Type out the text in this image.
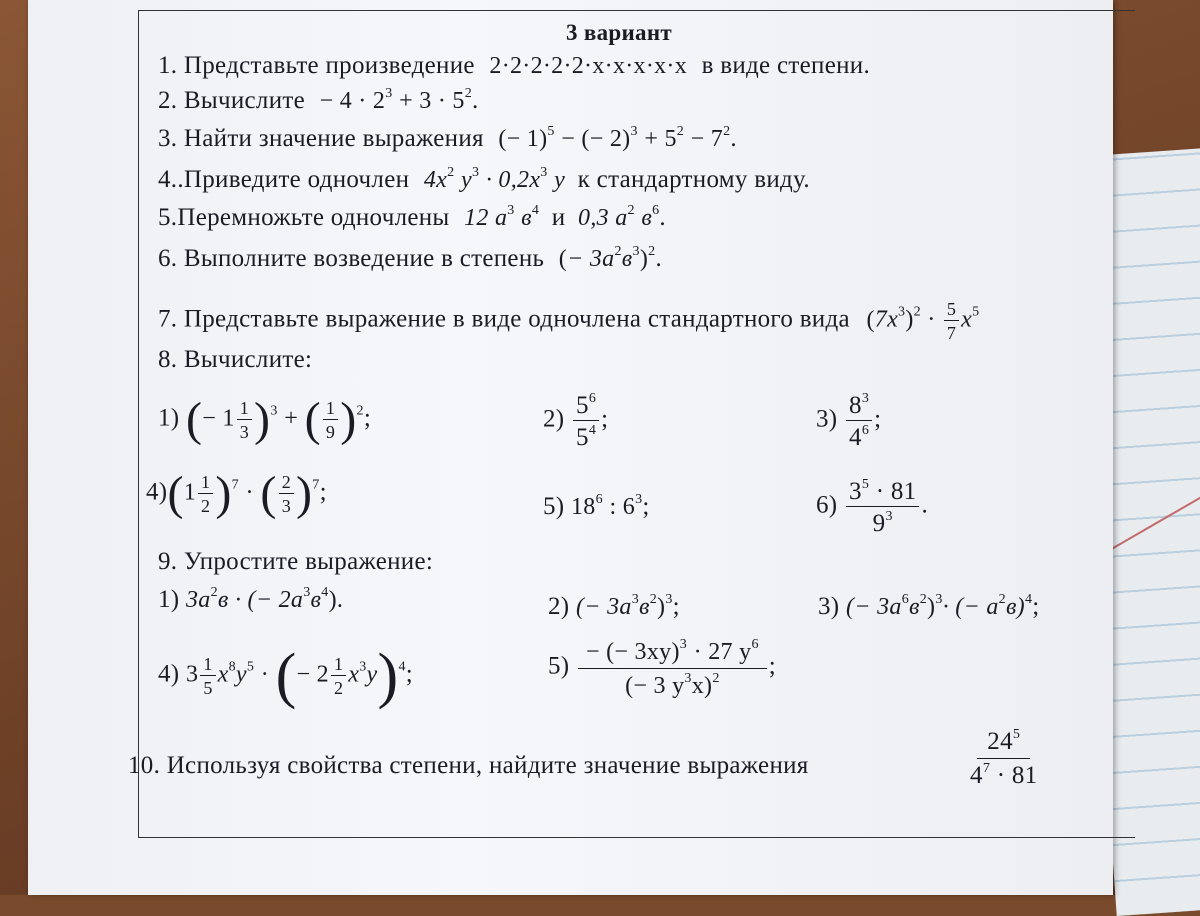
3 вариант
1. Представьте произведение 2·2·2·2·2·x·x·x·x·x в виде степени.
2. Вычислите − $4 \cdot 2^3 + 3 \cdot 5^2$.
3. Найти значение выражения (− 1)$^5$ − (− $2)^3 + 5^2 - 7^2$.
4..Приведите одночлен $4x^2$ $y^3 \cdot 0,2x^3$ y к стандартному виду.
5.Перемножьте одночлены 12 $a^3$ $в^4$ и 0,3 $a^2$ $в^6$.
6. Выполните возведение в степень (− $3a^2в^3)^2$.
7. Представьте выражение в виде одночлена стандартного вида $(7x^3)^2 \cdot \frac{5}{7} x^5$
8. Вычислите:
1) (− $1 \frac{1}{3} )^3$ + ( $\frac{1}{9} )^2$;	$2) \frac{5^6}{5^4}$ ;	$3) \frac{8^3}{4^6}$ ;
$4)(1 \frac{1}{2} )^7$ · ( $\frac{2}{3} )^7$;
5) $18^6$ : $6^3$;	$6) \frac{3^5 \cdot 81}{9^3}$ .
9. Упростите выражение:
1) $3a^2в$ · (− $2a^3в^4$).	2) (− $3a^3в^2)^3$;	3) (− $3a^6в^2)^3\cdot$ (− $a^2в)^4$;
4) $3 \frac{1}{5} x^8y^5$ · (− $2 \frac{1}{2} x^3y)^4$;	$5) \frac{- (- 3xy)^3 \cdot 27 y^6}{(- 3 y^3x)^2}$ ;
10. Используя свойства степени, найдите значение выражения	$\frac{24^5}{4^7 \cdot 81}$
